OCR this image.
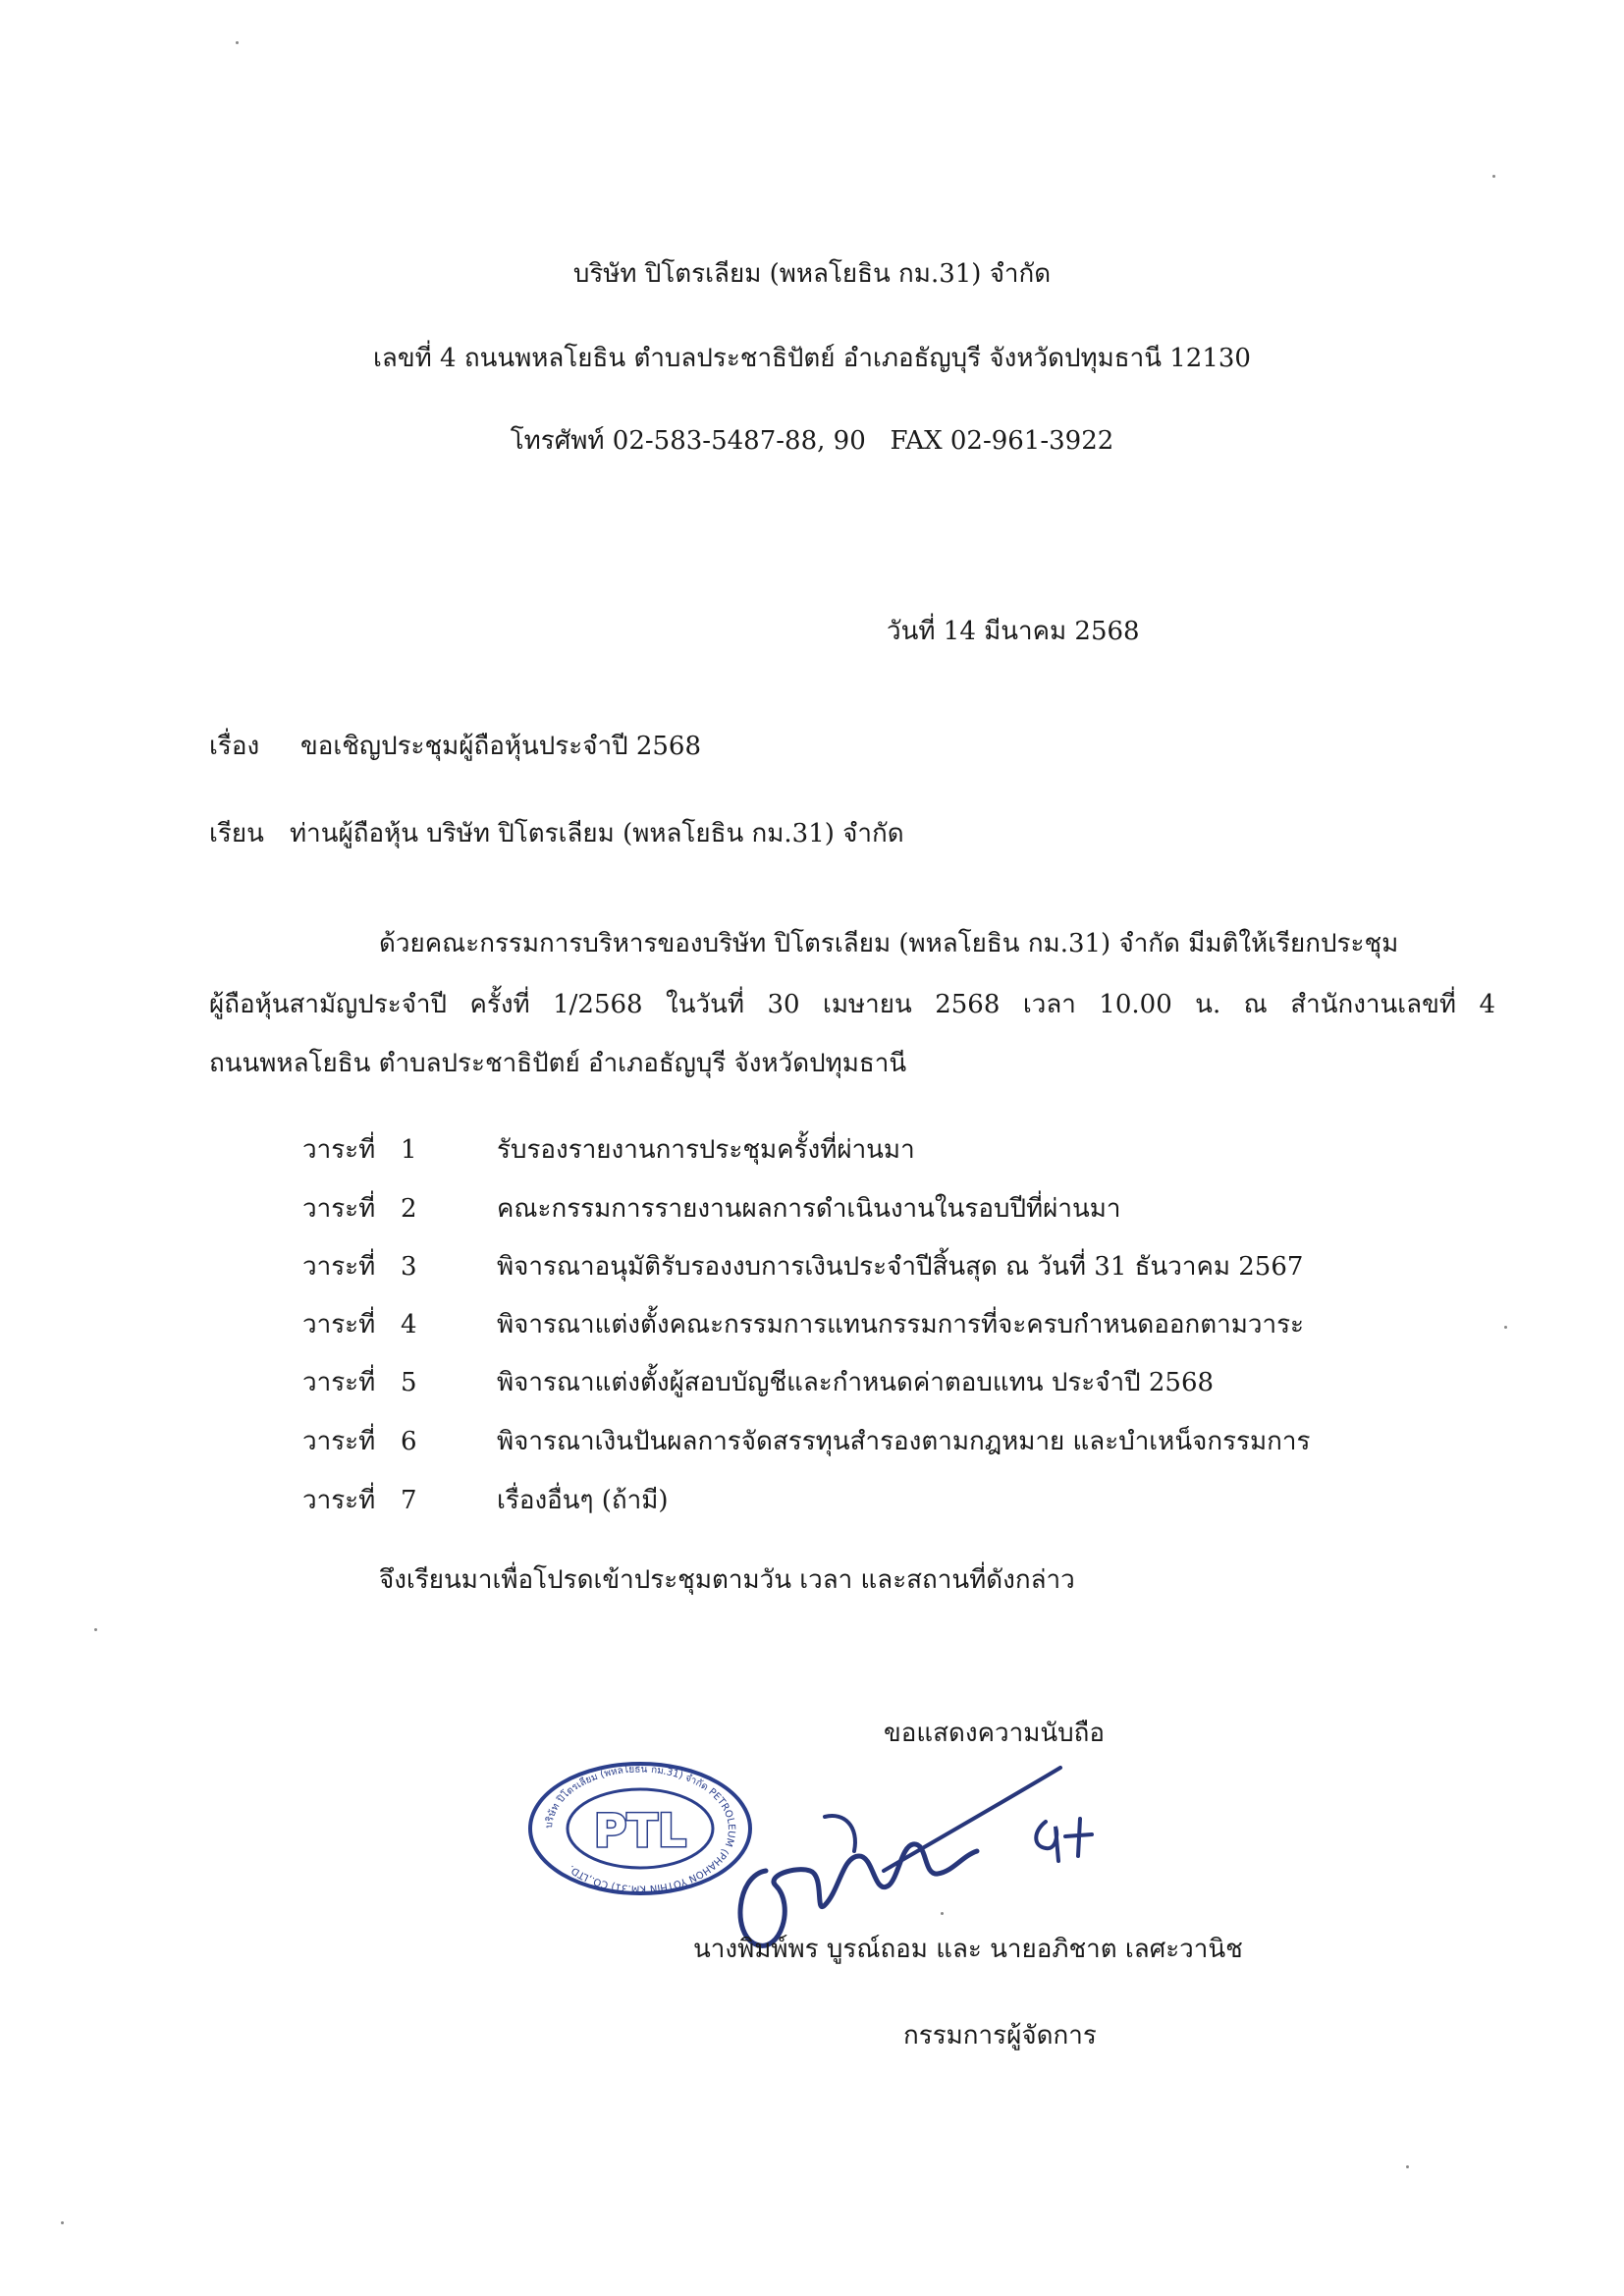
บริษัท ปิโตรเลียม (พหลโยธิน กม.31) จำกัด
เลขที่ 4 ถนนพหลโยธิน ตำบลประชาธิปัตย์ อำเภอธัญบุรี จังหวัดปทุมธานี 12130
โทรศัพท์ 02-583-5487-88, 90   FAX 02-961-3922
วันที่ 14 มีนาคม 2568
เรื่อง ขอเชิญประชุมผู้ถือหุ้นประจำปี 2568
เรียน ท่านผู้ถือหุ้น บริษัท ปิโตรเลียม (พหลโยธิน กม.31) จำกัด
ด้วยคณะกรรมการบริหารของบริษัท ปิโตรเลียม (พหลโยธิน กม.31) จำกัด มีมติให้เรียกประชุม
ผู้ถือหุ้นสามัญประจำปี ครั้งที่ 1/2568 ในวันที่ 30 เมษายน 2568 เวลา 10.00 น. ณ สำนักงานเลขที่ 4
ถนนพหลโยธิน ตำบลประชาธิปัตย์ อำเภอธัญบุรี จังหวัดปทุมธานี
วาระที่ 1	รับรองรายงานการประชุมครั้งที่ผ่านมา
วาระที่ 2	คณะกรรมการรายงานผลการดำเนินงานในรอบปีที่ผ่านมา
วาระที่ 3	พิจารณาอนุมัติรับรองงบการเงินประจำปีสิ้นสุด ณ วันที่ 31 ธันวาคม 2567
วาระที่ 4	พิจารณาแต่งตั้งคณะกรรมการแทนกรรมการที่จะครบกำหนดออกตามวาระ
วาระที่ 5	พิจารณาแต่งตั้งผู้สอบบัญชีและกำหนดค่าตอบแทน ประจำปี 2568
วาระที่ 6	พิจารณาเงินปันผลการจัดสรรทุนสำรองตามกฎหมาย และบำเหน็จกรรมการ
วาระที่ 7	เรื่องอื่นๆ (ถ้ามี)
จึงเรียนมาเพื่อโปรดเข้าประชุมตามวัน เวลา และสถานที่ดังกล่าว
ขอแสดงความนับถือ
บริษัท ปิโตรเลียม (พหลโยธิน กม.31) จำกัด PETROLEUM (PHAHON YOTHIN KM.31) CO.,LTD.
PTL
นางพิมพ์พร บูรณ์ถอม และ นายอภิชาต เลศะวานิช
กรรมการผู้จัดการ
